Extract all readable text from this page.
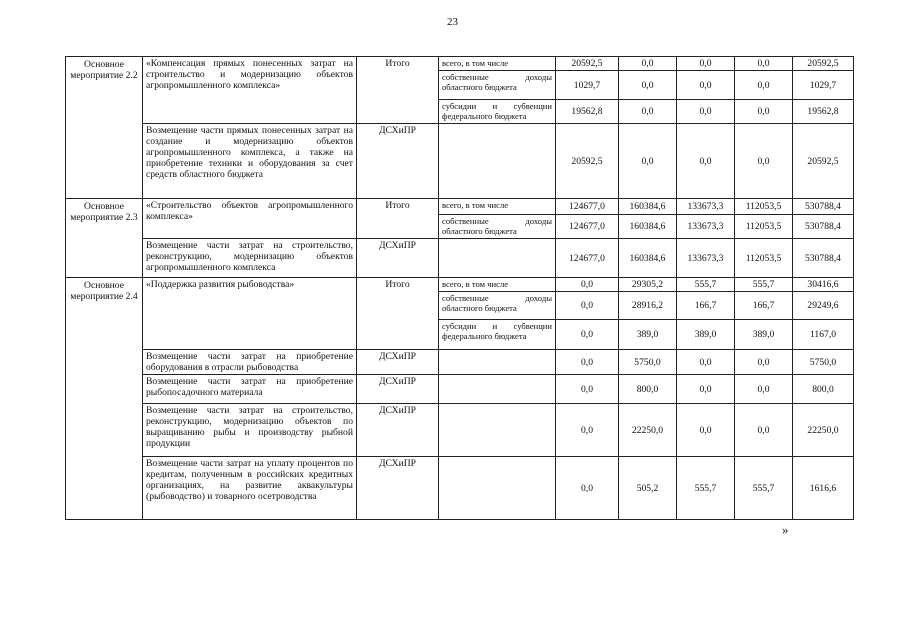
23
Основное мероприятие 2.2	«Компенсация прямых понесенных затрат на строительство и модернизацию объектов агропромышленного комплекса»	Итого	всего, в том числе	20592,5	0,0	0,0	0,0	20592,5
			собственные доходы областного бюджета	1029,7	0,0	0,0	0,0	1029,7
			субсидии и субвенции федерального бюджета	19562,8	0,0	0,0	0,0	19562,8
	Возмещение части прямых понесенных затрат на создание и модернизацию объектов агропромышленного комплекса, а также на приобретение техники и оборудования за счет средств областного бюджета	ДСХиПР		20592,5	0,0	0,0	0,0	20592,5
Основное мероприятие 2.3	«Строительство объектов агропромышленного комплекса»	Итого	всего, в том числе	124677,0	160384,6	133673,3	112053,5	530788,4
			собственные доходы областного бюджета	124677,0	160384,6	133673,3	112053,5	530788,4
	Возмещение части затрат на строительство, реконструкцию, модернизацию объектов агропромышленного комплекса	ДСХиПР		124677,0	160384,6	133673,3	112053,5	530788,4
Основное мероприятие 2.4	«Поддержка развития рыбоводства»	Итого	всего, в том числе	0,0	29305,2	555,7	555,7	30416,6
			собственные доходы областного бюджета	0,0	28916,2	166,7	166,7	29249,6
			субсидии и субвенции федерального бюджета	0,0	389,0	389,0	389,0	1167,0
	Возмещение части затрат на приобретение оборудования в отрасли рыбоводства	ДСХиПР		0,0	5750,0	0,0	0,0	5750,0
	Возмещение части затрат на приобретение рыбопосадочного материала	ДСХиПР		0,0	800,0	0,0	0,0	800,0
	Возмещение части затрат на строительство, реконструкцию, модернизацию объектов по выращиванию рыбы и производству рыбной продукции	ДСХиПР		0,0	22250,0	0,0	0,0	22250,0
	Возмещение части затрат на уплату процентов по кредитам, полученным в российских кредитных организациях, на развитие аквакультуры (рыбоводство) и товарного осетроводства	ДСХиПР		0,0	505,2	555,7	555,7	1616,6
»
